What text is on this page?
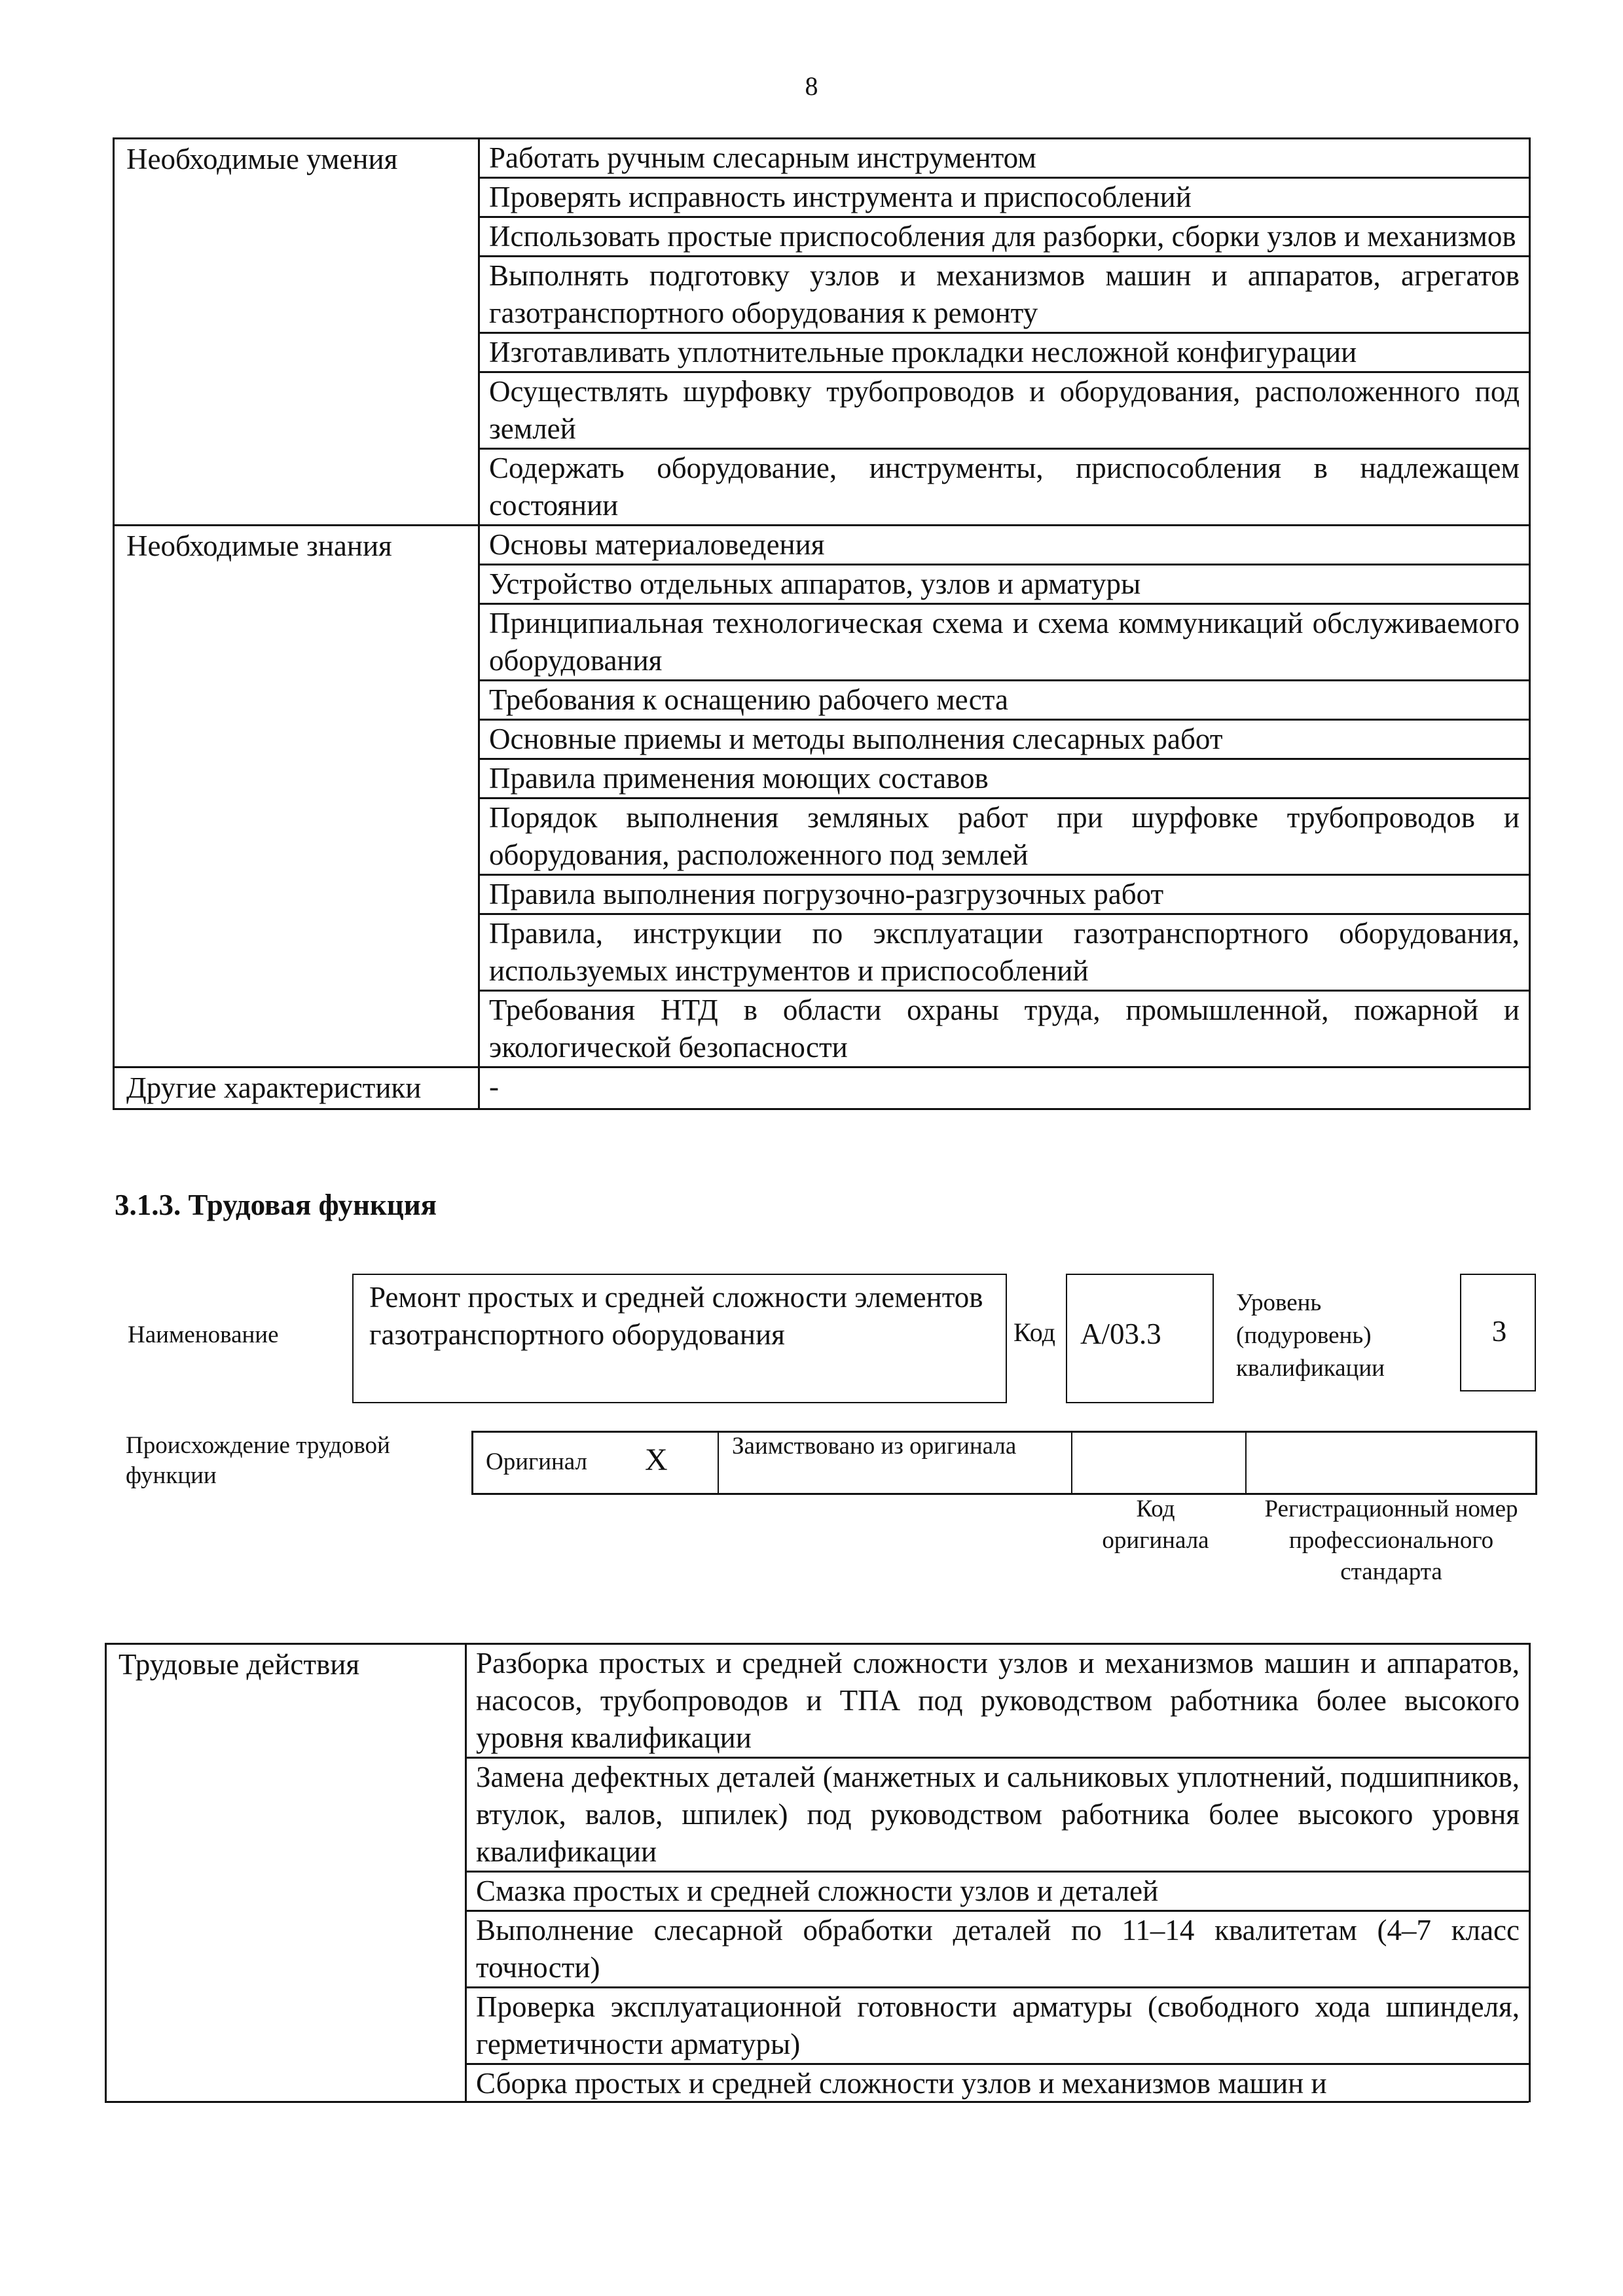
8
Необходимые умения	Работать ручным слесарным инструментом
	Проверять исправность инструмента и приспособлений
	Использовать простые приспособления для разборки, сборки узлов и механизмов
	Выполнять подготовку узлов и механизмов машин и аппаратов, агрегатов газотранспортного оборудования к ремонту
	Изготавливать уплотнительные прокладки несложной конфигурации
	Осуществлять шурфовку трубопроводов и оборудования, расположенного под землей
	Содержать оборудование, инструменты, приспособления в надлежащем состоянии
Необходимые знания	Основы материаловедения
	Устройство отдельных аппаратов, узлов и арматуры
	Принципиальная технологическая схема и схема коммуникаций обслуживаемого оборудования
	Требования к оснащению рабочего места
	Основные приемы и методы выполнения слесарных работ
	Правила применения моющих составов
	Порядок выполнения земляных работ при шурфовке трубопроводов и оборудования, расположенного под землей
	Правила выполнения погрузочно-разгрузочных работ
	Правила, инструкции по эксплуатации газотранспортного оборудования, используемых инструментов и приспособлений
	Требования НТД в области охраны труда, промышленной, пожарной и экологической безопасности
Другие характеристики	-
3.1.3. Трудовая функция
Наименование
Ремонт простых и средней сложности элементов газотранспортного оборудования	Код А/03.3
Уровень (подуровень) квалификации
3
Происхождение трудовой функции
Оригинал X	Заимствовано из оригинала
Код оригинала
Регистрационный номер профессионального стандарта
Трудовые действия	Разборка простых и средней сложности узлов и механизмов машин и аппаратов, насосов, трубопроводов и ТПА под руководством работника более высокого уровня квалификации
Замена дефектных деталей (манжетных и сальниковых уплотнений, подшипников, втулок, валов, шпилек) под руководством работника более высокого уровня квалификации
Смазка простых и средней сложности узлов и деталей
Выполнение слесарной обработки деталей по 11–14 квалитетам (4–7 класс точности)
Проверка эксплуатационной готовности арматуры (свободного хода шпинделя, герметичности арматуры)
Сборка простых и средней сложности узлов и механизмов машин и
